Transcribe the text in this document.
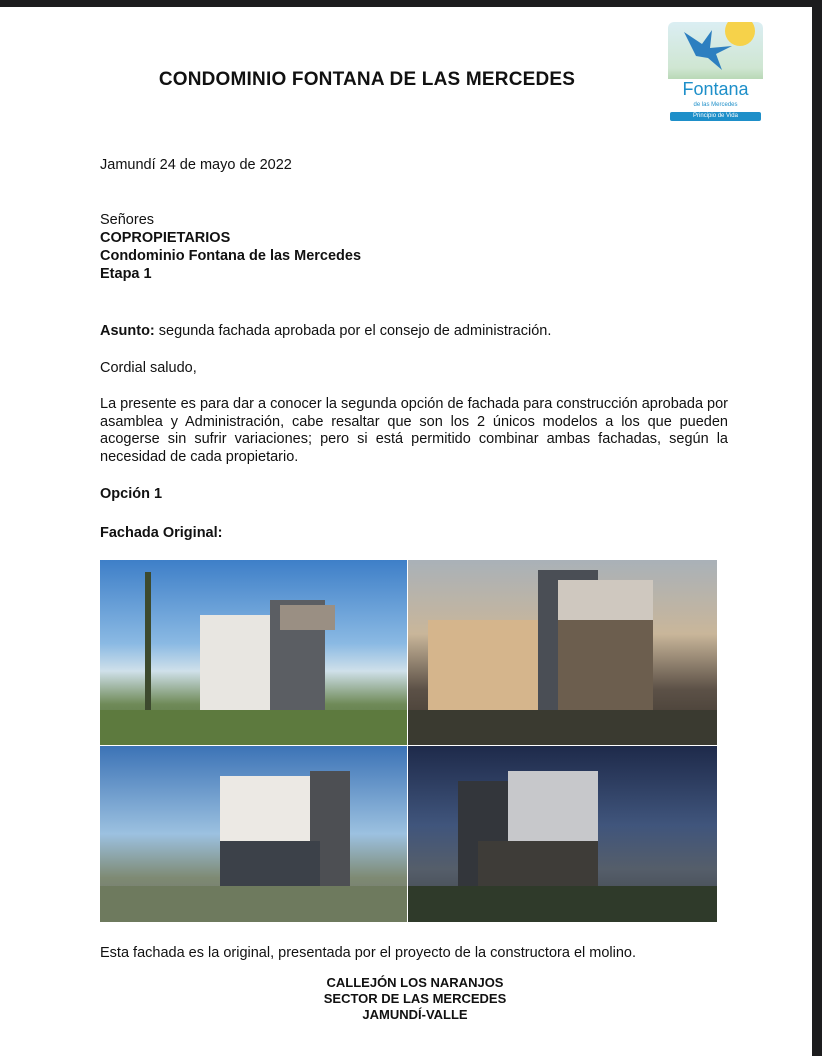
CONDOMINIO FONTANA DE LAS MERCEDES	Fontana
de las Mercedes
Principio de Vida
Jamundí 24 de mayo de 2022
Señores
COPROPIETARIOS
Condominio Fontana de las Mercedes
Etapa 1
Asunto: segunda fachada aprobada por el consejo de administración.
Cordial saludo,
La presente es para dar a conocer la segunda opción de fachada para construcción aprobada por asamblea y Administración, cabe resaltar que son los 2 únicos modelos a los que pueden acogerse sin sufrir variaciones; pero si está permitido combinar ambas fachadas, según la necesidad de cada propietario.
Opción 1
Fachada Original:
Esta fachada es la original, presentada por el proyecto de la constructora el molino.
CALLEJÓN LOS NARANJOS
SECTOR DE LAS MERCEDES
JAMUNDÍ-VALLE
